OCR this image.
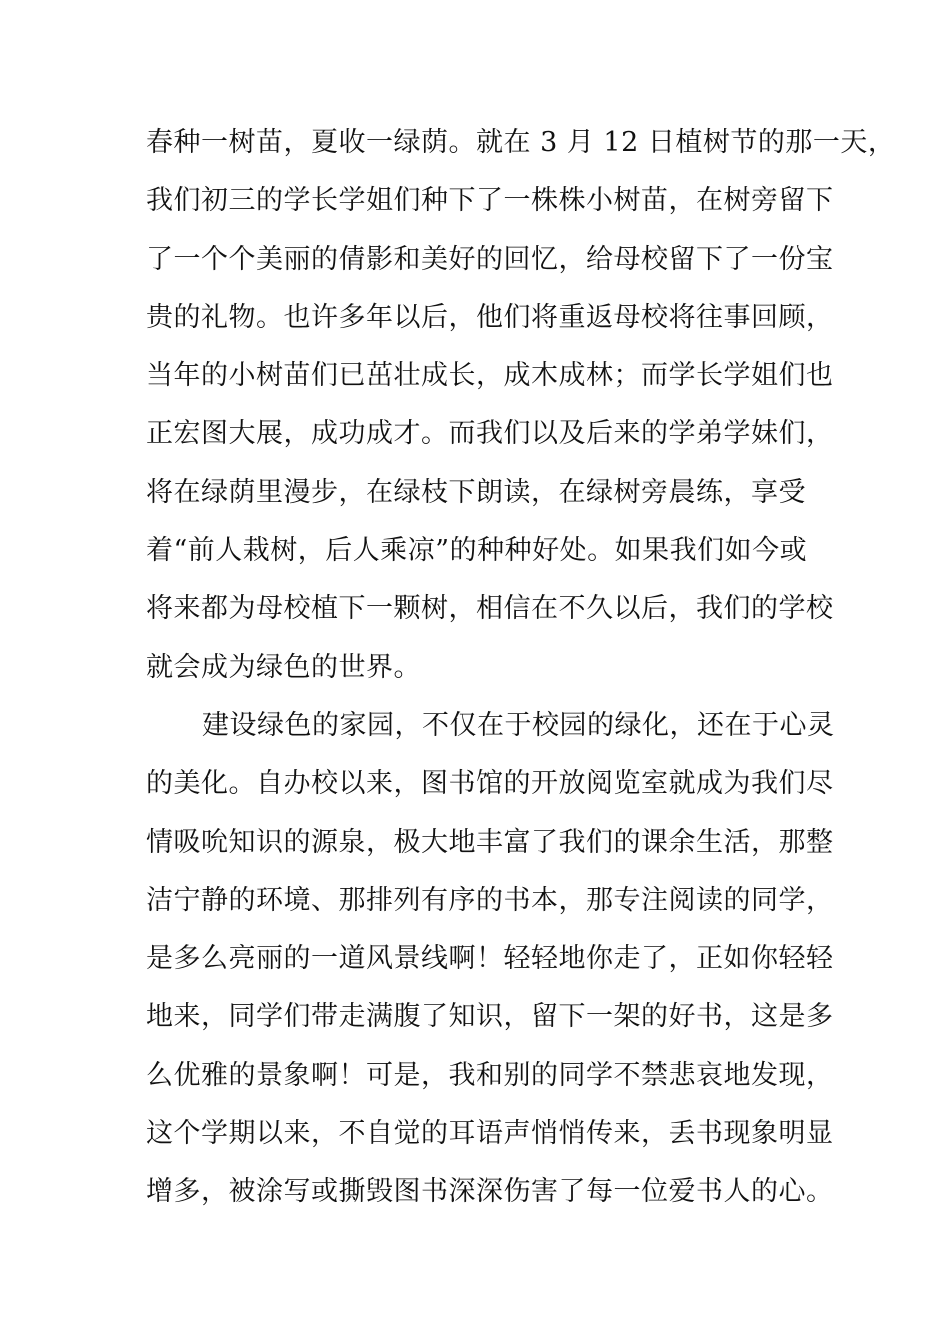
春种一树苗，夏收一绿荫。就在 3 月 12 日植树节的那一天，
我们初三的学长学姐们种下了一株株小树苗，在树旁留下
了一个个美丽的倩影和美好的回忆，给母校留下了一份宝
贵的礼物。也许多年以后，他们将重返母校将往事回顾，
当年的小树苗们已茁壮成长，成木成林；而学长学姐们也
正宏图大展，成功成才。而我们以及后来的学弟学妹们，
将在绿荫里漫步，在绿枝下朗读，在绿树旁晨练，享受
着“前人栽树，后人乘凉”的种种好处。如果我们如今或
将来都为母校植下一颗树，相信在不久以后，我们的学校
就会成为绿色的世界。
建设绿色的家园，不仅在于校园的绿化，还在于心灵
的美化。自办校以来，图书馆的开放阅览室就成为我们尽
情吸吮知识的源泉，极大地丰富了我们的课余生活，那整
洁宁静的环境、那排列有序的书本，那专注阅读的同学，
是多么亮丽的一道风景线啊！轻轻地你走了，正如你轻轻
地来，同学们带走满腹了知识，留下一架的好书，这是多
么优雅的景象啊！可是，我和别的同学不禁悲哀地发现，
这个学期以来，不自觉的耳语声悄悄传来，丢书现象明显
增多，被涂写或撕毁图书深深伤害了每一位爱书人的心。
